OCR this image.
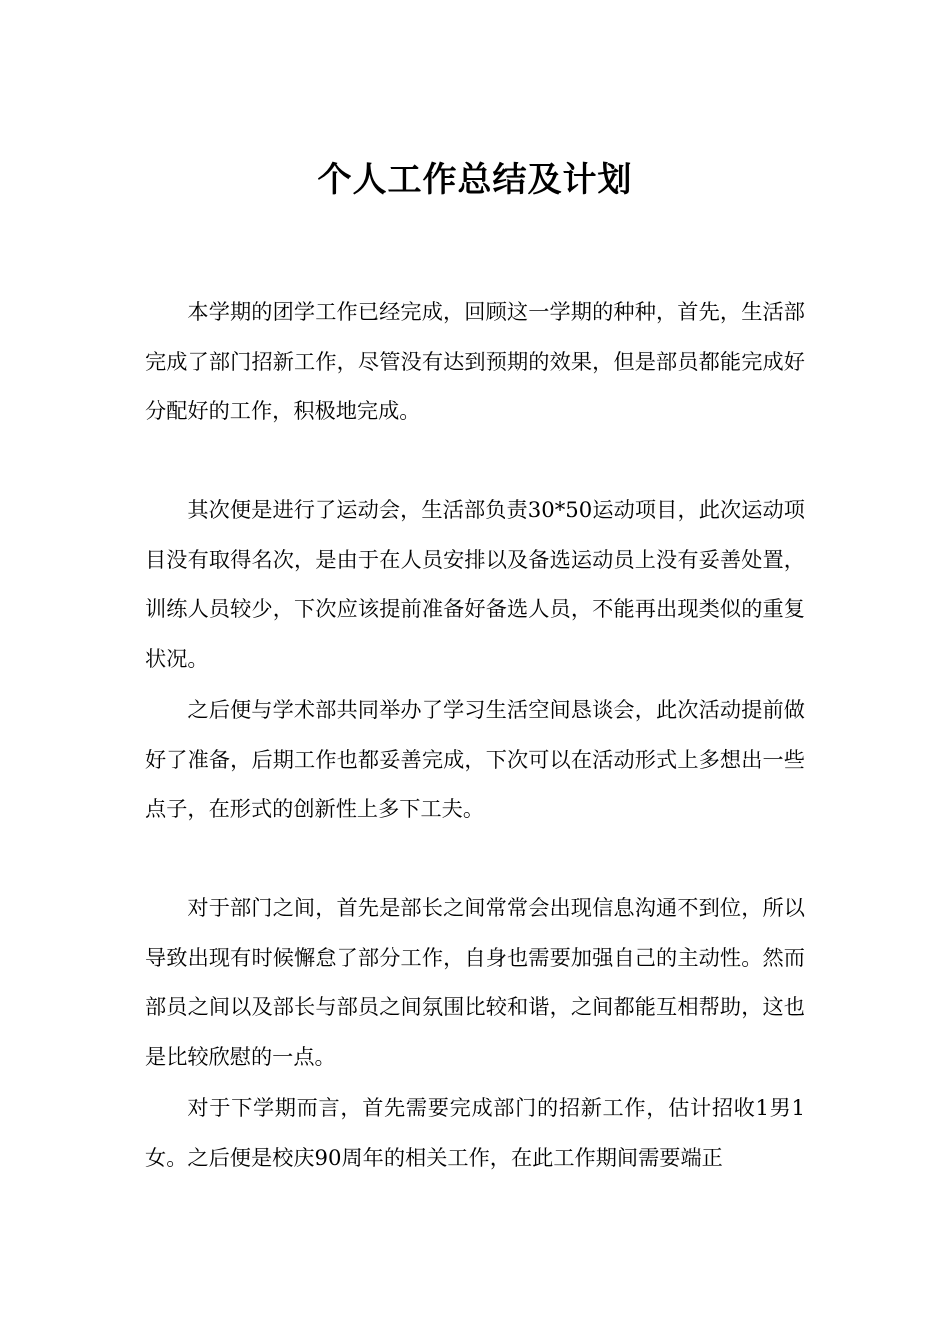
个人工作总结及计划

本学期的团学工作已经完成，回顾这一学期的种种，首先，生活部完成了部门招新工作，尽管没有达到预期的效果，但是部员都能完成好分配好的工作，积极地完成。

其次便是进行了运动会，生活部负责30*50运动项目，此次运动项目没有取得名次，是由于在人员安排以及备选运动员上没有妥善处置，训练人员较少，下次应该提前准备好备选人员，不能再出现类似的重复状况。

之后便与学术部共同举办了学习生活空间恳谈会，此次活动提前做好了准备，后期工作也都妥善完成，下次可以在活动形式上多想出一些点子，在形式的创新性上多下工夫。

对于部门之间，首先是部长之间常常会出现信息沟通不到位，所以导致出现有时候懈怠了部分工作，自身也需要加强自己的主动性。然而部员之间以及部长与部员之间氛围比较和谐，之间都能互相帮助，这也是比较欣慰的一点。

对于下学期而言，首先需要完成部门的招新工作，估计招收1男1女。之后便是校庆90周年的相关工作，在此工作期间需要端正
